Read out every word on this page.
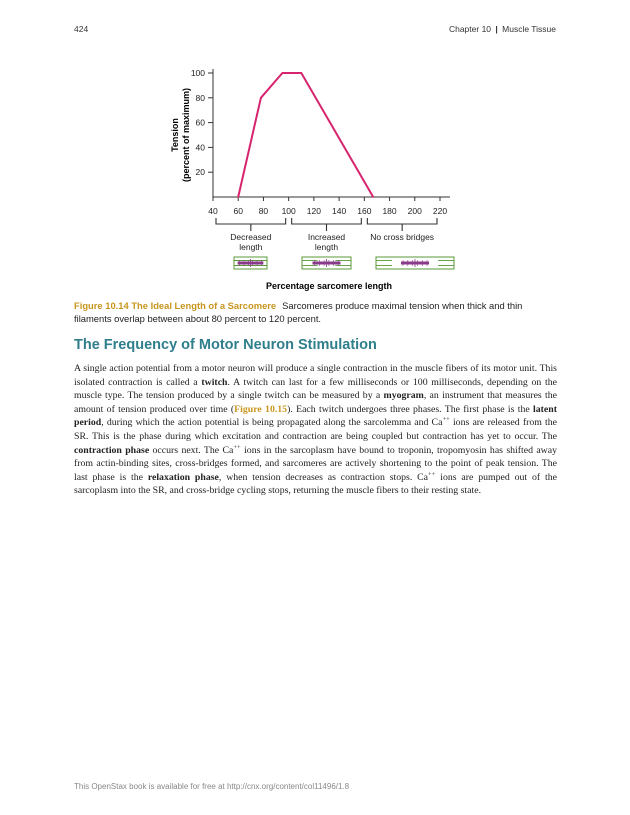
424	Chapter 10 | Muscle Tissue
20
40
60
80
100
40 60 80 100 120 140 160 180 200 220
Decreased
length
Increased
length
No cross bridges
Tension (percent of maximum)
Percentage sarcomere length
Figure 10.14 The Ideal Length of a Sarcomere Sarcomeres produce maximal tension when thick and thin filaments overlap between about 80 percent to 120 percent.
The Frequency of Motor Neuron Stimulation

A single action potential from a motor neuron will produce a single contraction in the muscle fibers of its motor unit. This isolated contraction is called a twitch. A twitch can last for a few milliseconds or 100 milliseconds, depending on the muscle type. The tension produced by a single twitch can be measured by a myogram, an instrument that measures the amount of tension produced over time (Figure 10.15). Each twitch undergoes three phases. The first phase is the latent period, during which the action potential is being propagated along the sarcolemma and Ca++ ions are released from the SR. This is the phase during which excitation and contraction are being coupled but contraction has yet to occur. The contraction phase occurs next. The Ca++ ions in the sarcoplasm have bound to troponin, tropomyosin has shifted away from actin-binding sites, cross-bridges formed, and sarcomeres are actively shortening to the point of peak tension. The last phase is the relaxation phase, when tension decreases as contraction stops. Ca++ ions are pumped out of the sarcoplasm into the SR, and cross-bridge cycling stops, returning the muscle fibers to their resting state.

This OpenStax book is available for free at http://cnx.org/content/col11496/1.8
